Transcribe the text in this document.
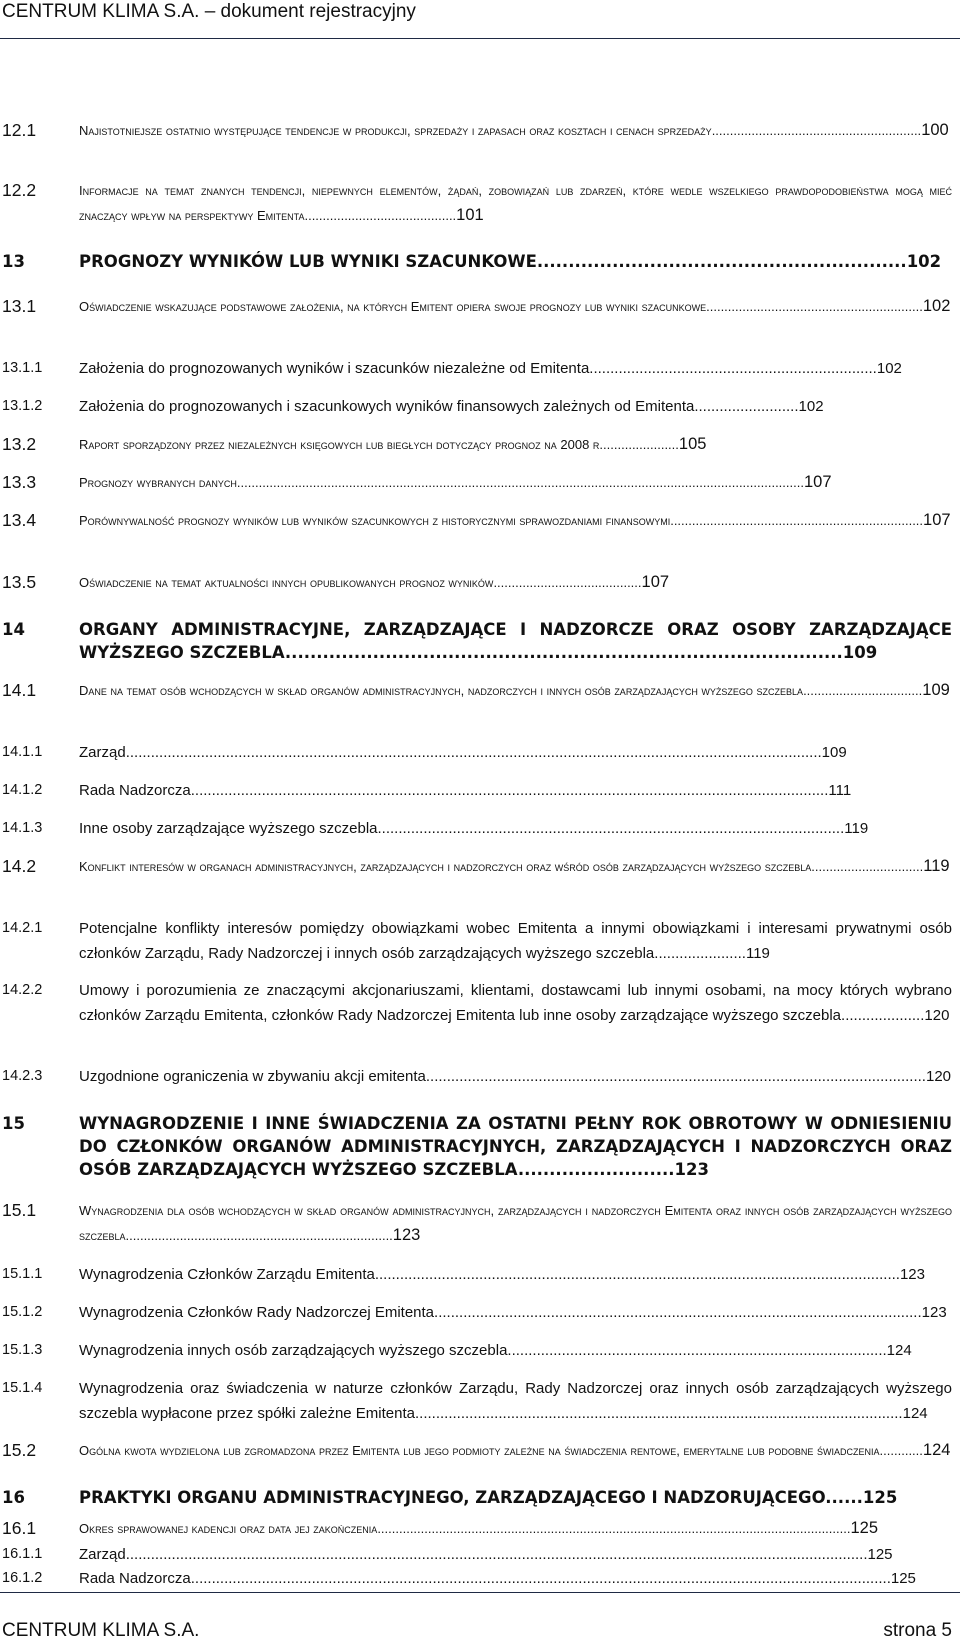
CENTRUM KLIMA S.A. – dokument rejestracyjny
12.1	Najistotniejsze ostatnio występujące tendencje w produkcji, sprzedaży i zapasach oraz kosztach i cenach sprzedaży..........................................................100
12.2	Informacje na temat znanych tendencji, niepewnych elementów, żądań, zobowiązań lub zdarzeń, które wedle wszelkiego prawdopodobieństwa mogą mieć znaczący wpływ na perspektywy Emitenta..........................................101
13	PROGNOZY WYNIKÓW LUB WYNIKI SZACUNKOWE...........................................................102
13.1	Oświadczenie wskazujące podstawowe założenia, na których Emitent opiera swoje prognozy lub wyniki szacunkowe............................................................102
13.1.1 Założenia do prognozowanych wyników i szacunków niezależne od Emitenta.....................................................................102
13.1.2 Założenia do prognozowanych i szacunkowych wyników finansowych zależnych od Emitenta.........................102
13.2	Raport sporządzony przez niezależnych księgowych lub biegłych dotyczący prognoz na 2008 r......................105
13.3	Prognozy wybranych danych.............................................................................................................................................................107
13.4	Porównywalność prognozy wyników lub wyników szacunkowych z historycznymi sprawozdaniami finansowymi......................................................................107
13.5	Oświadczenie na temat aktualności innych opublikowanych prognoz wyników.........................................107
14	ORGANY ADMINISTRACYJNE, ZARZĄDZAJĄCE I NADZORCZE ORAZ OSOBY ZARZĄDZAJĄCE WYŻSZEGO SZCZEBLA.........................................................................................109
14.1	Dane na temat osób wchodzących w skład organów administracyjnych, nadzorczych i innych osób zarządzających wyższego szczebla.................................109
14.1.1 Zarząd.......................................................................................................................................................................109
14.1.2 Rada Nadzorcza.........................................................................................................................................................111
14.1.3 Inne osoby zarządzające wyższego szczebla................................................................................................................119
14.2	Konflikt interesów w organach administracyjnych, zarządzających i nadzorczych oraz wśród osób zarządzających wyższego szczebla...............................119
14.2.1 Potencjalne konflikty interesów pomiędzy obowiązkami wobec Emitenta a innymi obowiązkami i interesami prywatnymi osób członków Zarządu, Rady Nadzorczej i innych osób zarządzających wyższego szczebla......................119
14.2.2 Umowy i porozumienia ze znaczącymi akcjonariuszami, klientami, dostawcami lub innymi osobami, na mocy których wybrano członków Zarządu Emitenta, członków Rady Nadzorczej Emitenta lub inne osoby zarządzające wyższego szczebla....................120
14.2.3 Uzgodnione ograniczenia w zbywaniu akcji emitenta........................................................................................................................120
15	WYNAGRODZENIE I INNE ŚWIADCZENIA ZA OSTATNI PEŁNY ROK OBROTOWY W ODNIESIENIU DO CZŁONKÓW ORGANÓW ADMINISTRACYJNYCH, ZARZĄDZAJĄCYCH I NADZORCZYCH ORAZ OSÓB ZARZĄDZAJĄCYCH WYŻSZEGO SZCZEBLA.........................123
15.1	Wynagrodzenia dla osób wchodzących w skład organów administracyjnych, zarządzających i nadzorczych Emitenta oraz innych osób zarządzających wyższego szczebla..........................................................................123
15.1.1 Wynagrodzenia Członków Zarządu Emitenta..............................................................................................................................123
15.1.2 Wynagrodzenia Członków Rady Nadzorczej Emitenta.....................................................................................................................123
15.1.3 Wynagrodzenia innych osób zarządzających wyższego szczebla...........................................................................................124
15.1.4 Wynagrodzenia oraz świadczenia w naturze członków Zarządu, Rady Nadzorczej oraz innych osób zarządzających wyższego szczebla wypłacone przez spółki zależne Emitenta.....................................................................................................................124
15.2	Ogólna kwota wydzielona lub zgromadzona przez Emitenta lub jego podmioty zależne na świadczenia rentowe, emerytalne lub podobne świadczenia............124
16	PRAKTYKI ORGANU ADMINISTRACYJNEGO, ZARZĄDZAJĄCEGO I NADZORUJĄCEGO......125
16.1	Okres sprawowanej kadencji oraz data jej zakończenia...................................................................................................................................125
16.1.1 Zarząd..................................................................................................................................................................................125
16.1.2 Rada Nadzorcza........................................................................................................................................................................125
CENTRUM KLIMA S.A.	strona 5
